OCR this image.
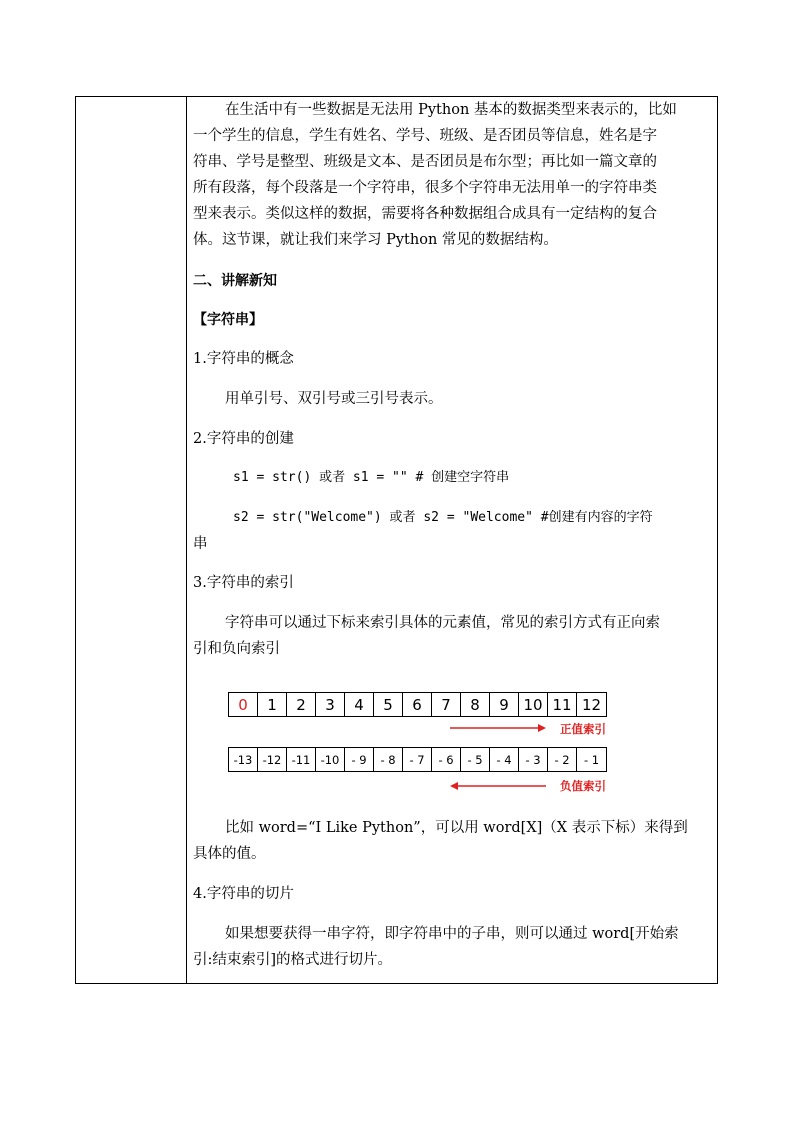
在生活中有一些数据是无法用 Python 基本的数据类型来表示的，比如
一个学生的信息，学生有姓名、学号、班级、是否团员等信息，姓名是字
符串、学号是整型、班级是文本、是否团员是布尔型；再比如一篇文章的
所有段落，每个段落是一个字符串，很多个字符串无法用单一的字符串类
型来表示。类似这样的数据，需要将各种数据组合成具有一定结构的复合
体。这节课，就让我们来学习 Python 常见的数据结构。
二、讲解新知
【字符串】
1.字符串的概念
用单引号、双引号或三引号表示。
2.字符串的创建
s1 = str() 或者 s1 = "" # 创建空字符串
s2 = str("Welcome") 或者 s2 = "Welcome" #创建有内容的字符
串
3.字符串的索引
字符串可以通过下标来索引具体的元素值，常见的索引方式有正向索
引和负向索引
0	1	2	3	4	5	6	7	8	9 10 11 12
正值索引
-13 -12 -11 -10	- 9	- 8	- 7	- 6	- 5	- 4	- 3	- 2	- 1
负值索引
比如 word=“I Like Python”，可以用 word[X]（X 表示下标）来得到
具体的值。
4.字符串的切片
如果想要获得一串字符，即字符串中的子串，则可以通过 word[开始索
引:结束索引]的格式进行切片。
